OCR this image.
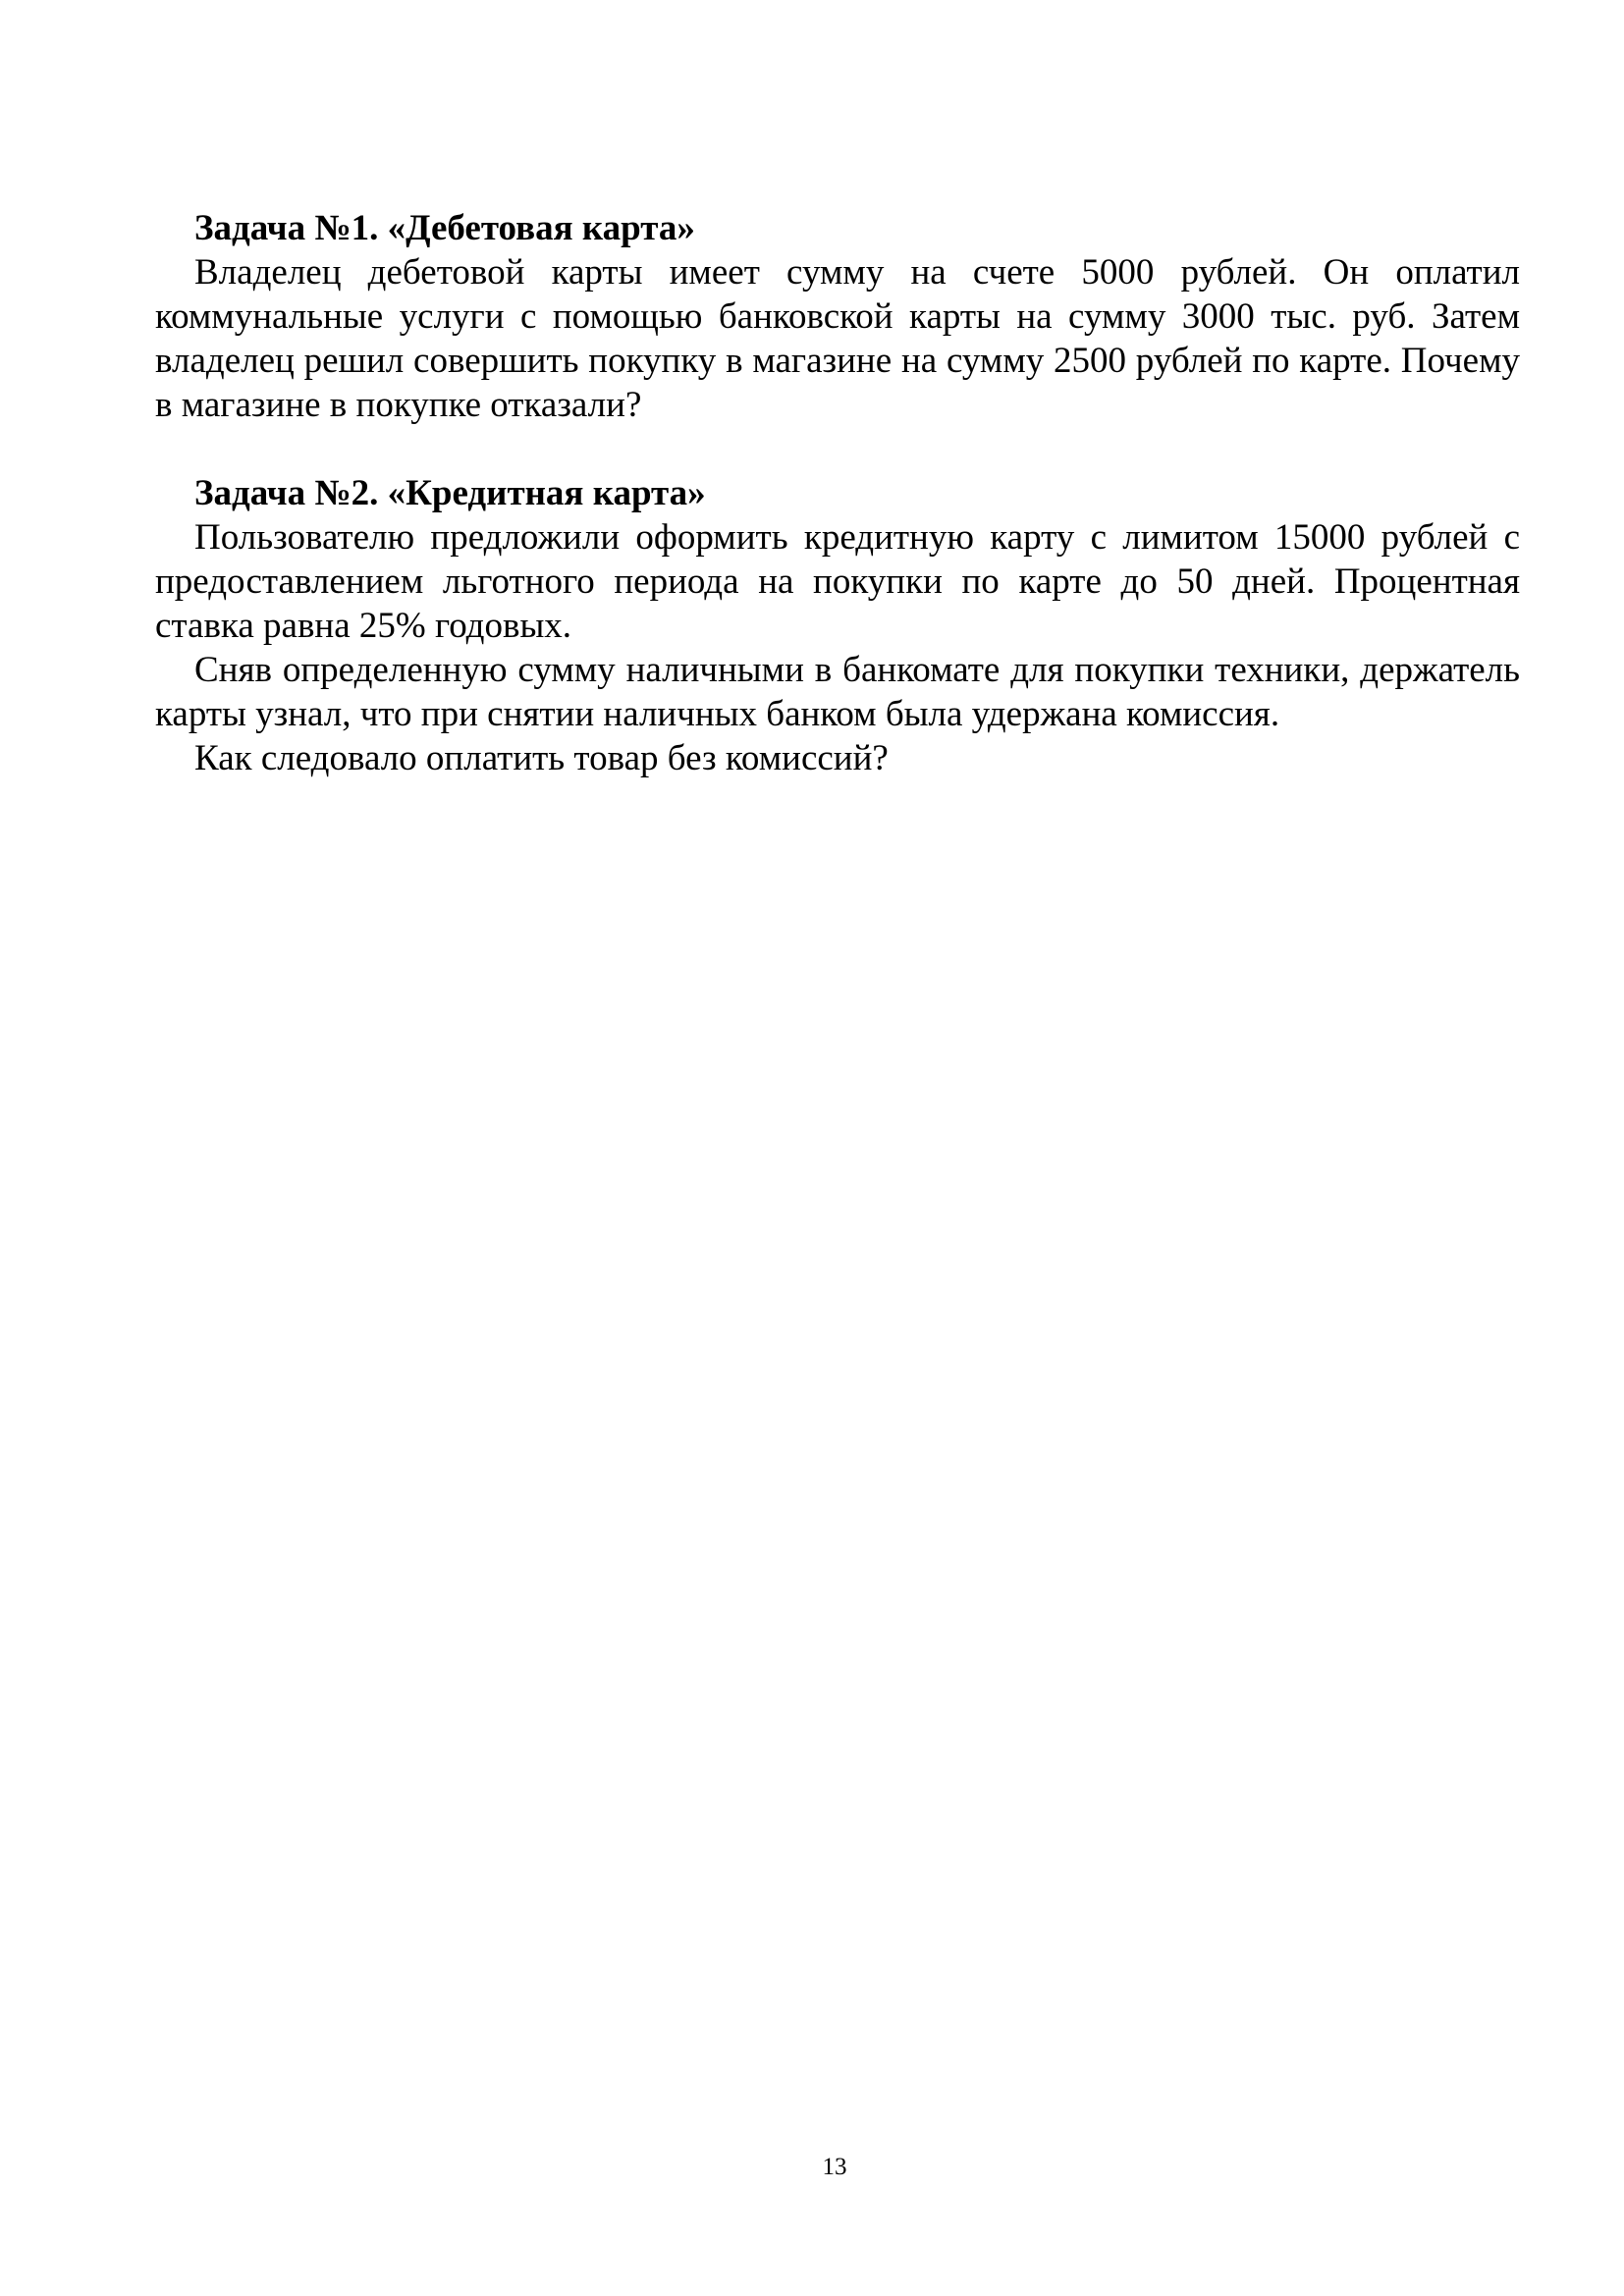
Задача №1. «Дебетовая карта»

Владелец дебетовой карты имеет сумму на счете 5000 рублей. Он оплатил коммунальные услуги с помощью банковской карты на сумму 3000 тыс. руб. Затем владелец решил совершить покупку в магазине на сумму 2500 рублей по карте. Почему в магазине в покупке отказали?

Задача №2. «Кредитная карта»

Пользователю предложили оформить кредитную карту с лимитом 15000 рублей с предоставлением льготного периода на покупки по карте до 50 дней. Процентная ставка равна 25% годовых.

Сняв определенную сумму наличными в банкомате для покупки техники, держатель карты узнал, что при снятии наличных банком была удержана комиссия.

Как следовало оплатить товар без комиссий?

13
